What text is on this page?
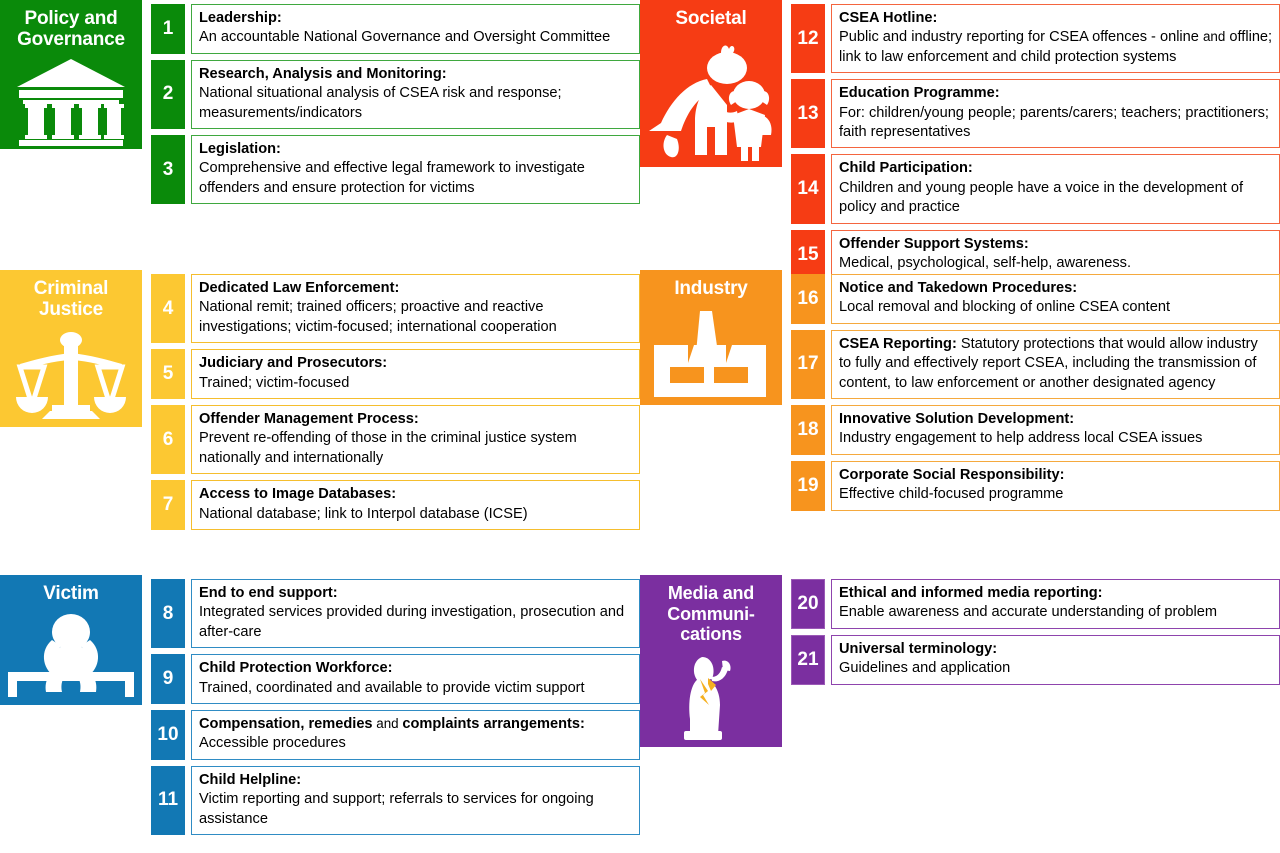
Policy and Governance
1	Leadership:
An accountable National Governance and Oversight Committee
2
Research, Analysis and Monitoring:
National situational analysis of CSEA risk and response; measurements/indicators
3
Legislation:
Comprehensive and effective legal framework to investigate offenders and ensure protection for victims
Societal
12
CSEA Hotline:
Public and industry reporting for CSEA offences - online and offline; link to law enforcement and child protection systems
13
Education Programme:
For: children/young people; parents/carers; teachers; practitioners; faith representatives
14
Child Participation:
Children and young people have a voice in the development of policy and practice
15	Offender Support Systems:
Medical, psychological, self-help, awareness.
Criminal Justice	4
Dedicated Law Enforcement:
National remit; trained officers; proactive and reactive investigations; victim-focused; international cooperation
5	Judiciary and Prosecutors:
Trained; victim-focused
6
Offender Management Process:
Prevent re-offending of those in the criminal justice system nationally and internationally
7	Access to Image Databases:
National database; link to Interpol database (ICSE)
Industry	16	Notice and Takedown Procedures:
Local removal and blocking of online CSEA content
17
CSEA Reporting: Statutory protections that would allow industry to fully and effectively report CSEA, including the transmission of content, to law enforcement or another designated agency
18	Innovative Solution Development:
Industry engagement to help address local CSEA issues
19	Corporate Social Responsibility:
Effective child-focused programme
Victim
8
End to end support:
Integrated services provided during investigation, prosecution and after-care
9	Child Protection Workforce:
Trained, coordinated and available to provide victim support
10	Compensation, remedies and complaints arrangements:
Accessible procedures
11
Child Helpline:
Victim reporting and support; referrals to services for ongoing assistance
Media and Communi-
cations
20	Ethical and informed media reporting:
Enable awareness and accurate understanding of problem
21	Universal terminology:
Guidelines and application
